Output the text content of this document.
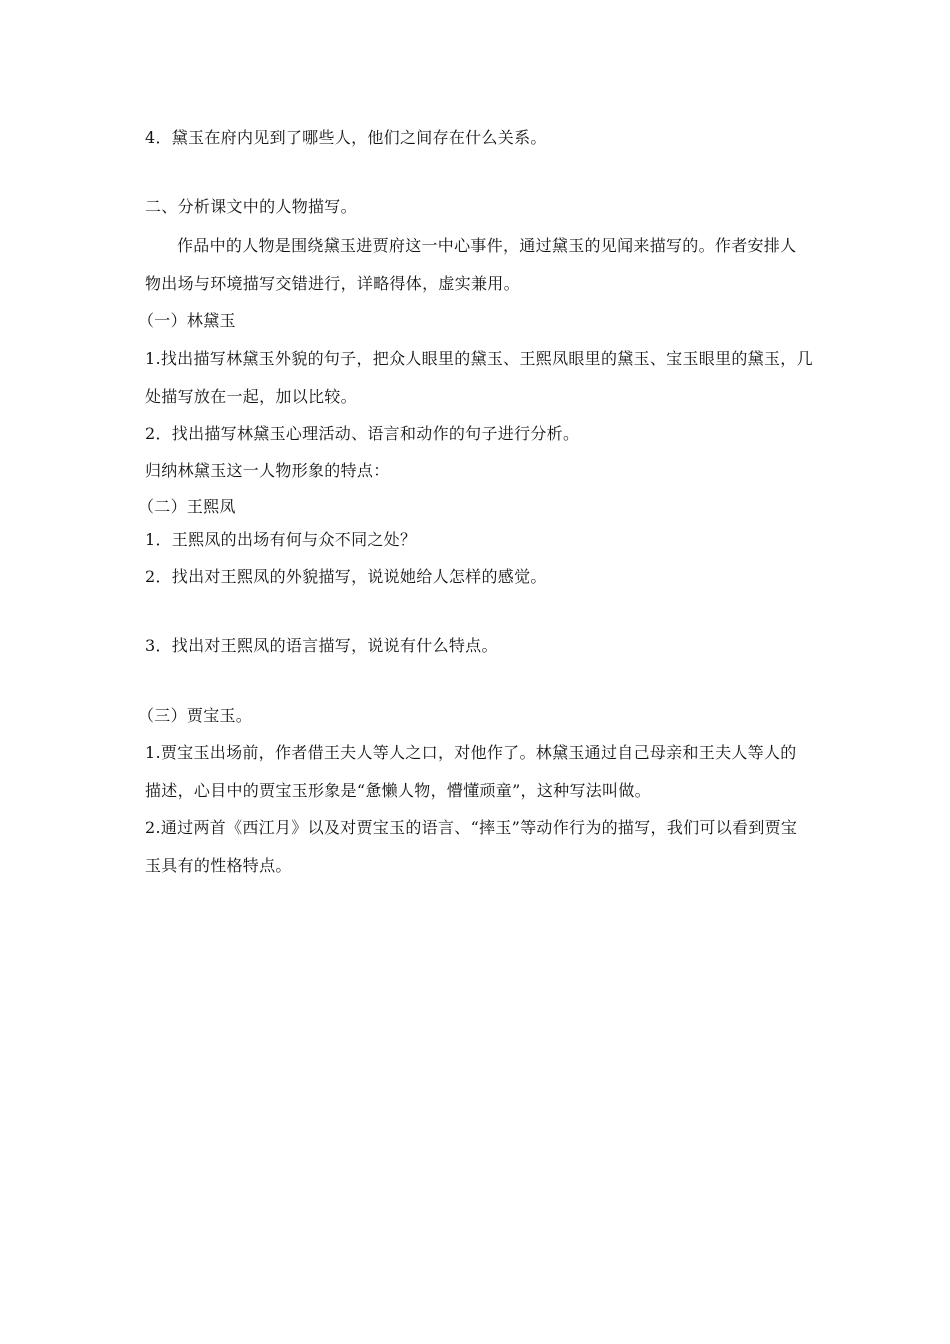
4．黛玉在府内见到了哪些人，他们之间存在什么关系。
二、分析课文中的人物描写。
作品中的人物是围绕黛玉进贾府这一中心事件，通过黛玉的见闻来描写的。作者安排人
物出场与环境描写交错进行，详略得体，虚实兼用。
（一）林黛玉
1.找出描写林黛玉外貌的句子，把众人眼里的黛玉、王熙凤眼里的黛玉、宝玉眼里的黛玉，几
处描写放在一起，加以比较。
2．找出描写林黛玉心理活动、语言和动作的句子进行分析。
归纳林黛玉这一人物形象的特点：
（二）王熙凤
1．王熙凤的出场有何与众不同之处？
2．找出对王熙凤的外貌描写，说说她给人怎样的感觉。
3．找出对王熙凤的语言描写，说说有什么特点。
（三）贾宝玉。
1.贾宝玉出场前，作者借王夫人等人之口，对他作了。林黛玉通过自己母亲和王夫人等人的
描述，心目中的贾宝玉形象是“惫懒人物，懵懂顽童”，这种写法叫做。
2.通过两首《西江月》以及对贾宝玉的语言、“摔玉”等动作行为的描写，我们可以看到贾宝
玉具有的性格特点。
